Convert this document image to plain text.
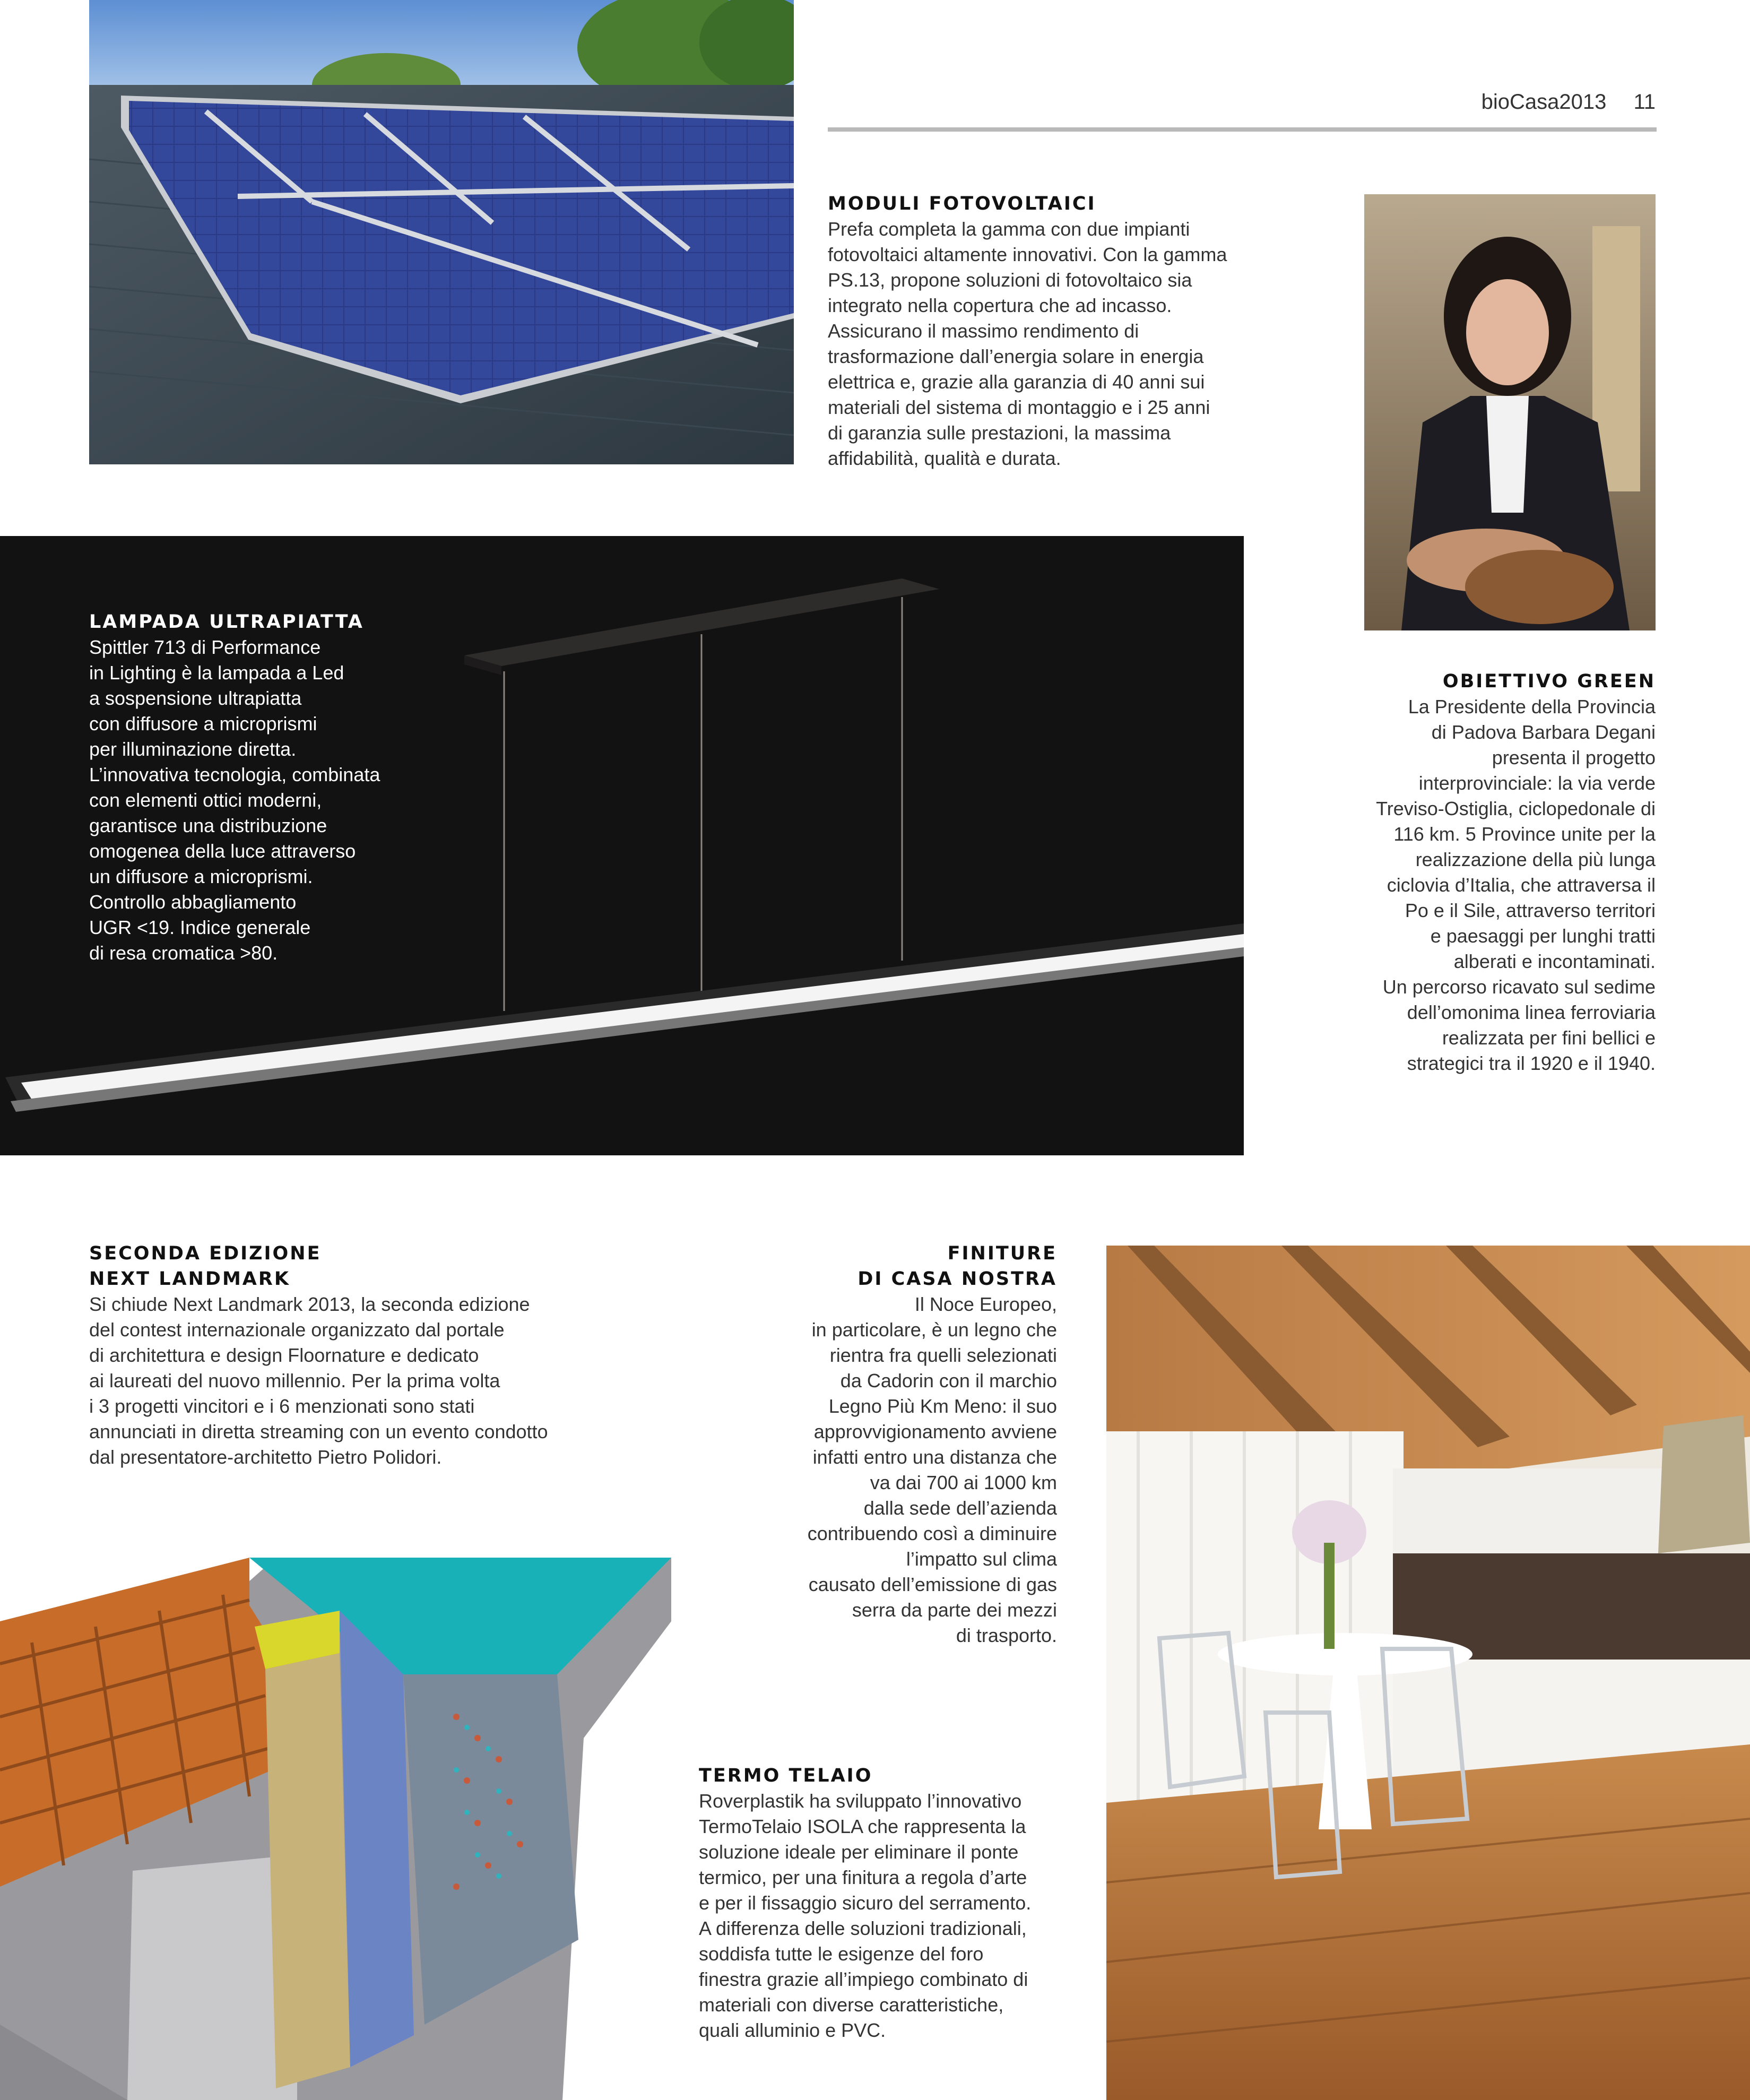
bioCasa2013 11
MODULI FOTOVOLTAICI
Prefa completa la gamma con due impianti
fotovoltaici altamente innovativi. Con la gamma
PS.13, propone soluzioni di fotovoltaico sia
integrato nella copertura che ad incasso.
Assicurano il massimo rendimento di
trasformazione dall’energia solare in energia
elettrica e, grazie alla garanzia di 40 anni sui
materiali del sistema di montaggio e i 25 anni
di garanzia sulle prestazioni, la massima
affidabilità, qualità e durata.
LAMPADA ULTRAPIATTA
Spittler 713 di Performance
in Lighting è la lampada a Led
a sospensione ultrapiatta
con diffusore a microprismi
per illuminazione diretta.
L’innovativa tecnologia, combinata
con elementi ottici moderni,
garantisce una distribuzione
omogenea della luce attraverso
un diffusore a microprismi.
Controllo abbagliamento
UGR <19. Indice generale
di resa cromatica >80.
OBIETTIVO GREEN
La Presidente della Provincia
di Padova Barbara Degani
presenta il progetto
interprovinciale: la via verde
Treviso-Ostiglia, ciclopedonale di
116 km. 5 Province unite per la
realizzazione della più lunga
ciclovia d’Italia, che attraversa il
Po e il Sile, attraverso territori
e paesaggi per lunghi tratti
alberati e incontaminati.
Un percorso ricavato sul sedime
dell’omonima linea ferroviaria
realizzata per fini bellici e
strategici tra il 1920 e il 1940.
SECONDA EDIZIONE
NEXT LANDMARK
Si chiude Next Landmark 2013, la seconda edizione
del contest internazionale organizzato dal portale
di architettura e design Floornature e dedicato
ai laureati del nuovo millennio. Per la prima volta
i 3 progetti vincitori e i 6 menzionati sono stati
annunciati in diretta streaming con un evento condotto
dal presentatore-architetto Pietro Polidori.
FINITURE
DI CASA NOSTRA
Il Noce Europeo,
in particolare, è un legno che
rientra fra quelli selezionati
da Cadorin con il marchio
Legno Più Km Meno: il suo
approvvigionamento avviene
infatti entro una distanza che
va dai 700 ai 1000 km
dalla sede dell’azienda
contribuendo così a diminuire
l’impatto sul clima
causato dell’emissione di gas
serra da parte dei mezzi
di trasporto.
TERMO TELAIO
Roverplastik ha sviluppato l’innovativo
TermoTelaio ISOLA che rappresenta la
soluzione ideale per eliminare il ponte
termico, per una finitura a regola d’arte
e per il fissaggio sicuro del serramento.
A differenza delle soluzioni tradizionali,
soddisfa tutte le esigenze del foro
finestra grazie all’impiego combinato di
materiali con diverse caratteristiche,
quali alluminio e PVC.
